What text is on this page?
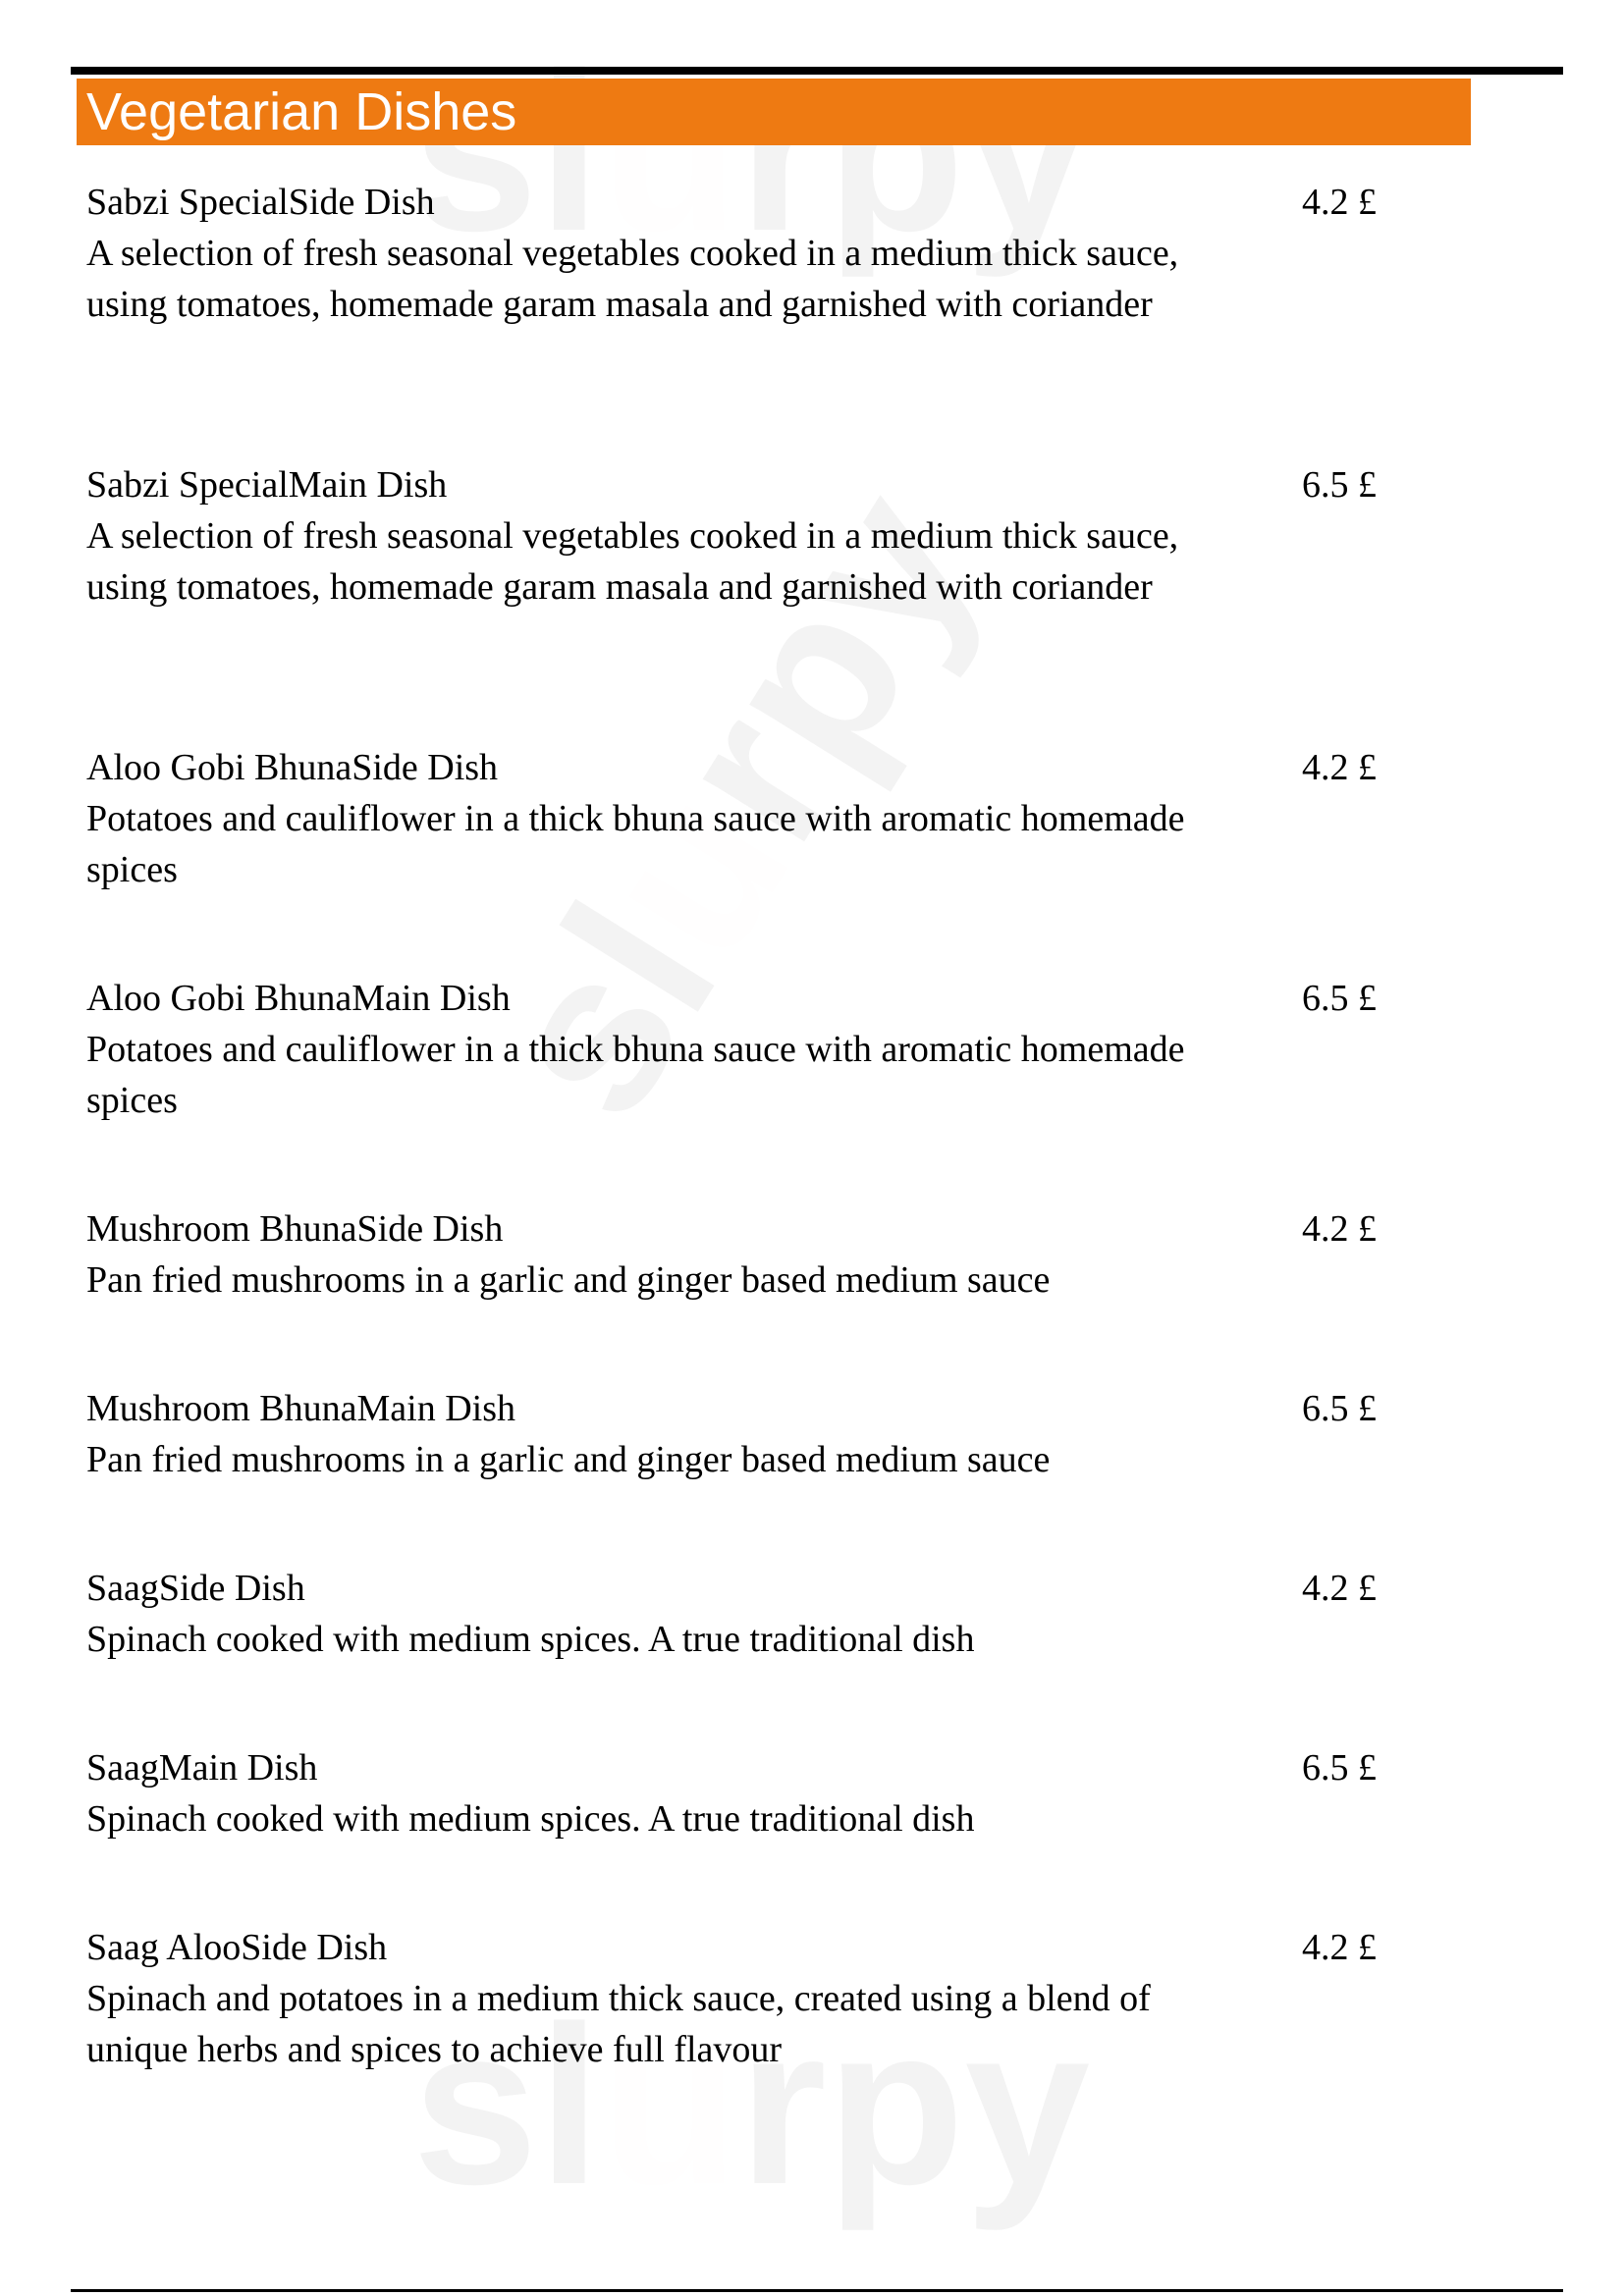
Vegetarian Dishes
Sabzi SpecialSide Dish
A selection of fresh seasonal vegetables cooked in a medium thick sauce, using tomatoes, homemade garam masala and garnished with coriander
4.2 £
Sabzi SpecialMain Dish
A selection of fresh seasonal vegetables cooked in a medium thick sauce, using tomatoes, homemade garam masala and garnished with coriander
6.5 £
Aloo Gobi BhunaSide Dish
Potatoes and cauliflower in a thick bhuna sauce with aromatic homemade spices
4.2 £
Aloo Gobi BhunaMain Dish
Potatoes and cauliflower in a thick bhuna sauce with aromatic homemade spices
6.5 £
Mushroom BhunaSide Dish
Pan fried mushrooms in a garlic and ginger based medium sauce
4.2 £
Mushroom BhunaMain Dish
Pan fried mushrooms in a garlic and ginger based medium sauce
6.5 £
SaagSide Dish
Spinach cooked with medium spices. A true traditional dish
4.2 £
SaagMain Dish
Spinach cooked with medium spices. A true traditional dish
6.5 £
Saag AlooSide Dish
Spinach and potatoes in a medium thick sauce, created using a blend of unique herbs and spices to achieve full flavour
4.2 £
